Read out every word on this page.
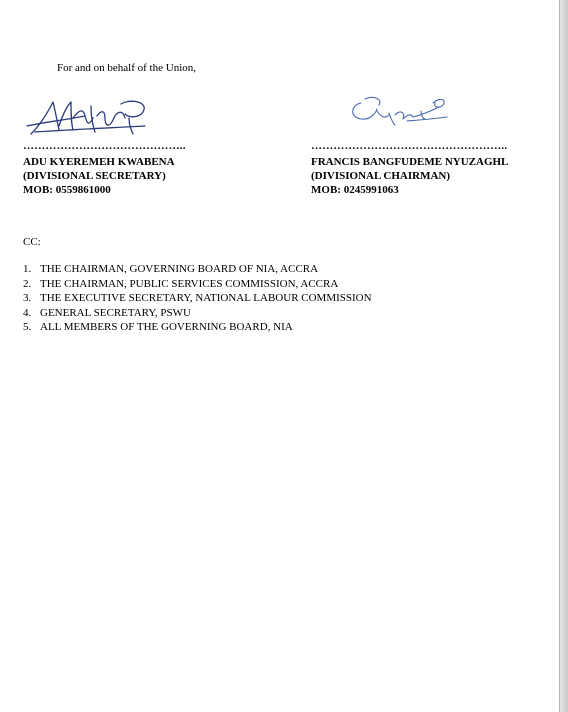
For and on behalf of the Union,
……………………………………..
ADU KYEREMEH KWABENA
(DIVISIONAL SECRETARY)
MOB: 0559861000
……………………………………………..
FRANCIS BANGFUDEME NYUZAGHL
(DIVISIONAL CHAIRMAN)
MOB: 0245991063
CC:
1. THE CHAIRMAN, GOVERNING BOARD OF NIA, ACCRA
2. THE CHAIRMAN, PUBLIC SERVICES COMMISSION, ACCRA
3. THE EXECUTIVE SECRETARY, NATIONAL LABOUR COMMISSION
4. GENERAL SECRETARY, PSWU
5. ALL MEMBERS OF THE GOVERNING BOARD, NIA
